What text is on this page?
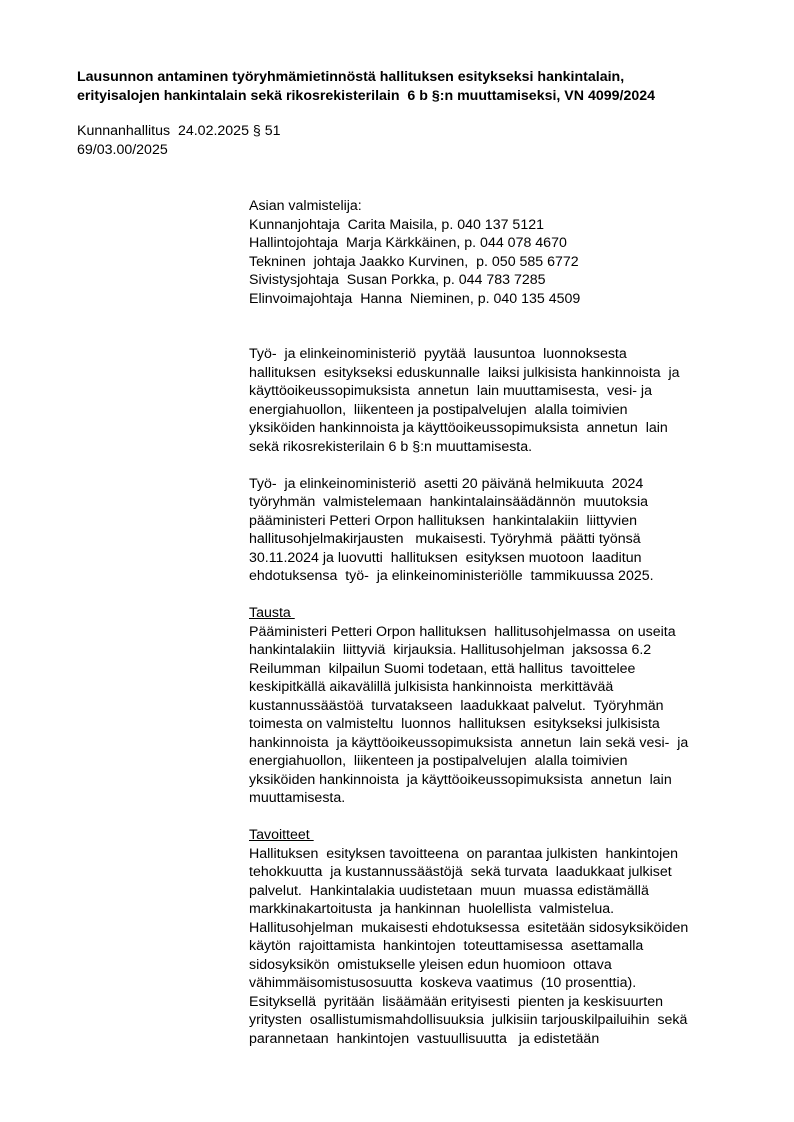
Lausunnon antaminen työryhmämietinnöstä hallituksen esitykseksi hankintalain,
erityisalojen hankintalain sekä rikosrekisterilain  6 b §:n muuttamiseksi, VN 4099/2024
Kunnanhallitus  24.02.2025 § 51
69/03.00/2025
Asian valmistelija:
Kunnanjohtaja  Carita Maisila, p. 040 137 5121
Hallintojohtaja  Marja Kärkkäinen, p. 044 078 4670
Tekninen  johtaja Jaakko Kurvinen,  p. 050 585 6772
Sivistysjohtaja  Susan Porkka, p. 044 783 7285
Elinvoimajohtaja  Hanna  Nieminen, p. 040 135 4509
Työ-  ja elinkeinoministeriö  pyytää  lausuntoa  luonnoksesta
hallituksen  esitykseksi eduskunnalle  laiksi julkisista hankinnoista  ja
käyttöoikeussopimuksista  annetun  lain muuttamisesta,  vesi- ja
energiahuollon,  liikenteen ja postipalvelujen  alalla toimivien
yksiköiden hankinnoista ja käyttöoikeussopimuksista  annetun  lain
sekä rikosrekisterilain 6 b §:n muuttamisesta.
Työ-  ja elinkeinoministeriö  asetti 20 päivänä helmikuuta  2024
työryhmän  valmistelemaan  hankintalainsäädännön  muutoksia
pääministeri Petteri Orpon hallituksen  hankintalakiin  liittyvien
hallitusohjelmakirjausten   mukaisesti. Työryhmä  päätti työnsä
30.11.2024 ja luovutti  hallituksen  esityksen muotoon  laaditun
ehdotuksensa  työ-  ja elinkeinoministeriölle  tammikuussa 2025.
Tausta
Pääministeri Petteri Orpon hallituksen  hallitusohjelmassa  on useita
hankintalakiin  liittyviä  kirjauksia. Hallitusohjelman  jaksossa 6.2
Reilumman  kilpailun Suomi todetaan, että hallitus  tavoittelee
keskipitkällä aikavälillä julkisista hankinnoista  merkittävää
kustannussäästöä  turvatakseen  laadukkaat palvelut.  Työryhmän
toimesta on valmisteltu  luonnos  hallituksen  esitykseksi julkisista
hankinnoista  ja käyttöoikeussopimuksista  annetun  lain sekä vesi-  ja
energiahuollon,  liikenteen ja postipalvelujen  alalla toimivien
yksiköiden hankinnoista  ja käyttöoikeussopimuksista  annetun  lain
muuttamisesta.
Tavoitteet
Hallituksen  esityksen tavoitteena  on parantaa julkisten  hankintojen
tehokkuutta  ja kustannussäästöjä  sekä turvata  laadukkaat julkiset
palvelut.  Hankintalakia uudistetaan  muun  muassa edistämällä
markkinakartoitusta  ja hankinnan  huolellista  valmistelua.
Hallitusohjelman  mukaisesti ehdotuksessa  esitetään sidosyksiköiden
käytön  rajoittamista  hankintojen  toteuttamisessa  asettamalla
sidosyksikön  omistukselle yleisen edun huomioon  ottava
vähimmäisomistusosuutta  koskeva vaatimus  (10 prosenttia).
Esityksellä  pyritään  lisäämään erityisesti  pienten ja keskisuurten
yritysten  osallistumismahdollisuuksia  julkisiin tarjouskilpailuihin  sekä
parannetaan  hankintojen  vastuullisuutta   ja edistetään
